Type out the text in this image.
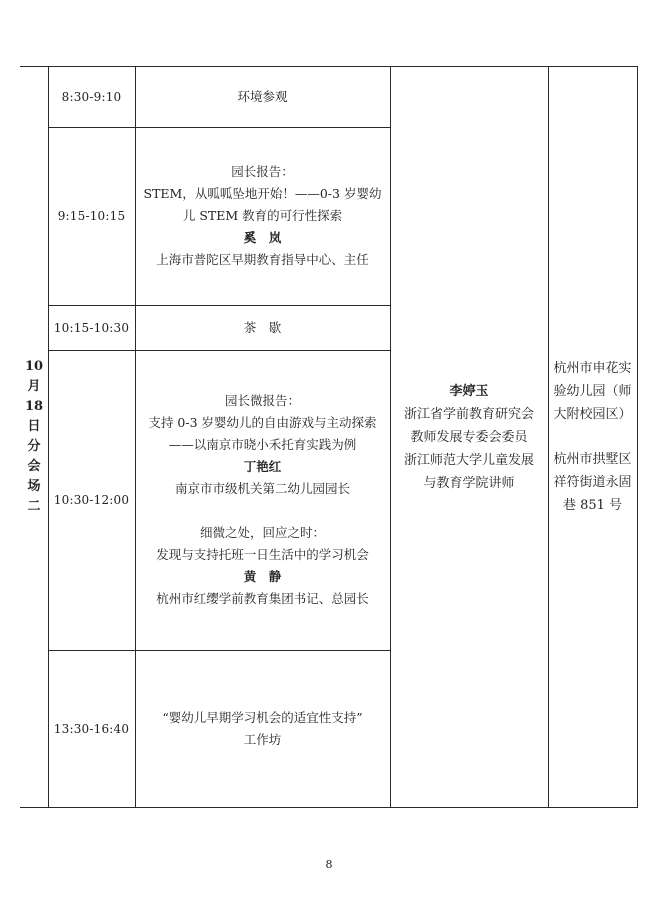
10
月
18
日
分
会
场
二
8:30-9:10	环境参观
9:15-10:15
园长报告：
STEM，从呱呱坠地开始！——0-3 岁婴幼
儿 STEM 教育的可行性探索
奚　岚
上海市普陀区早期教育指导中心、主任
10:15-10:30	茶　歇
10:30-12:00
园长微报告：
支持 0-3 岁婴幼儿的自由游戏与主动探索
——以南京市晓小禾托育实践为例
丁艳红
南京市市级机关第二幼儿园园长
细微之处，回应之时：
发现与支持托班一日生活中的学习机会
黄　静
杭州市红缨学前教育集团书记、总园长
13:30-16:40
“婴幼儿早期学习机会的适宜性支持”
工作坊
李婷玉
浙江省学前教育研究会
教师发展专委会委员
浙江师范大学儿童发展
与教育学院讲师
杭州市申花实
验幼儿园（师
大附校园区）
杭州市拱墅区
祥符街道永固
巷 851 号
8
